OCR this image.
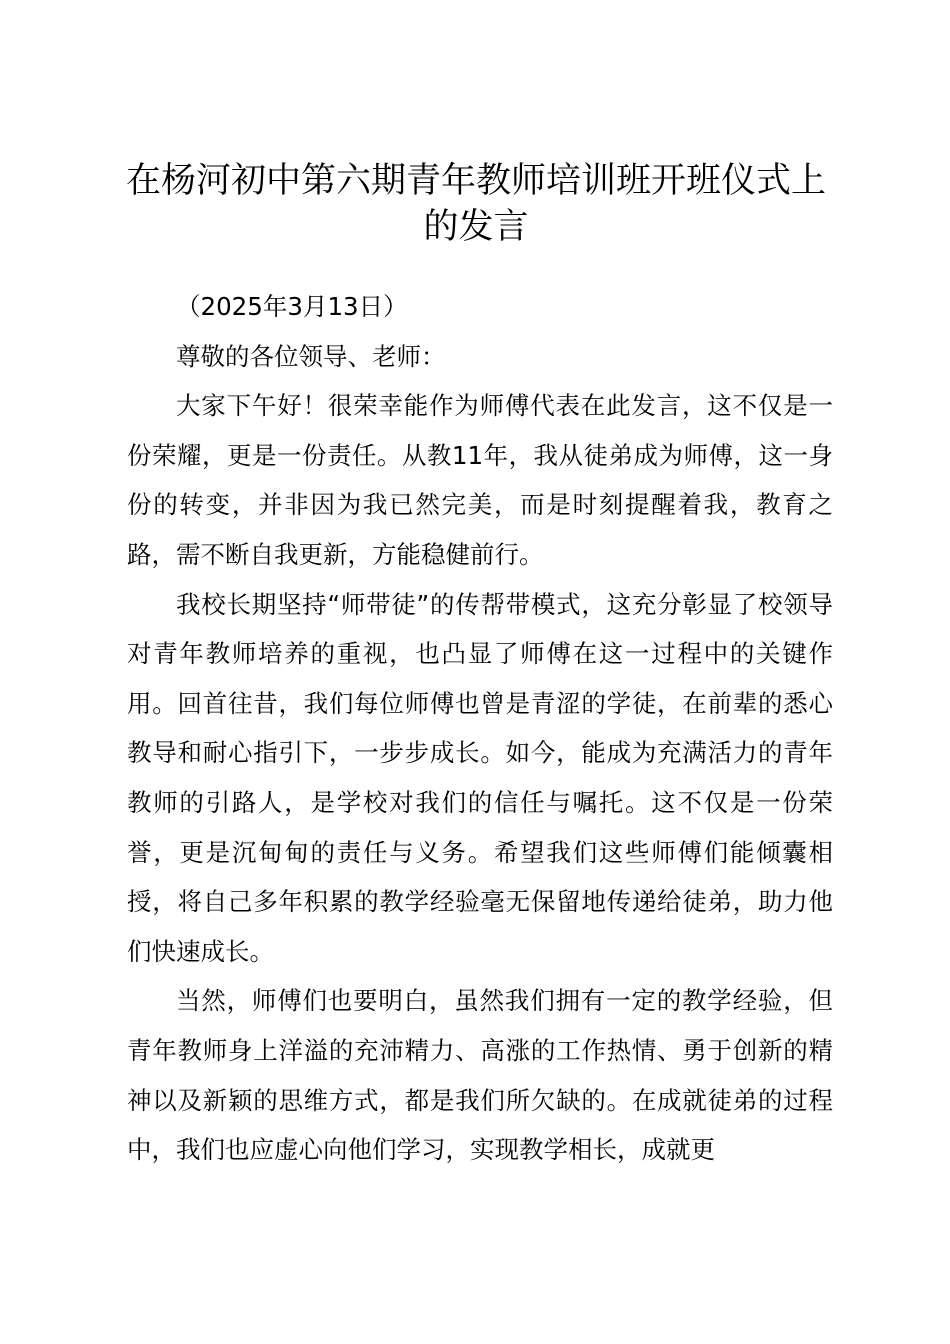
在杨河初中第六期青年教师培训班开班仪式上的发言

（2025年3月13日）

尊敬的各位领导、老师：

大家下午好！很荣幸能作为师傅代表在此发言，这不仅是一份荣耀，更是一份责任。从教11年，我从徒弟成为师傅，这一身份的转变，并非因为我已然完美，而是时刻提醒着我，教育之路，需不断自我更新，方能稳健前行。

我校长期坚持“师带徒”的传帮带模式，这充分彰显了校领导对青年教师培养的重视，也凸显了师傅在这一过程中的关键作用。回首往昔，我们每位师傅也曾是青涩的学徒，在前辈的悉心教导和耐心指引下，一步步成长。如今，能成为充满活力的青年教师的引路人，是学校对我们的信任与嘱托。这不仅是一份荣誉，更是沉甸甸的责任与义务。希望我们这些师傅们能倾囊相授，将自己多年积累的教学经验毫无保留地传递给徒弟，助力他们快速成长。

当然，师傅们也要明白，虽然我们拥有一定的教学经验，但青年教师身上洋溢的充沛精力、高涨的工作热情、勇于创新的精神以及新颖的思维方式，都是我们所欠缺的。在成就徒弟的过程中，我们也应虚心向他们学习，实现教学相长，成就更
